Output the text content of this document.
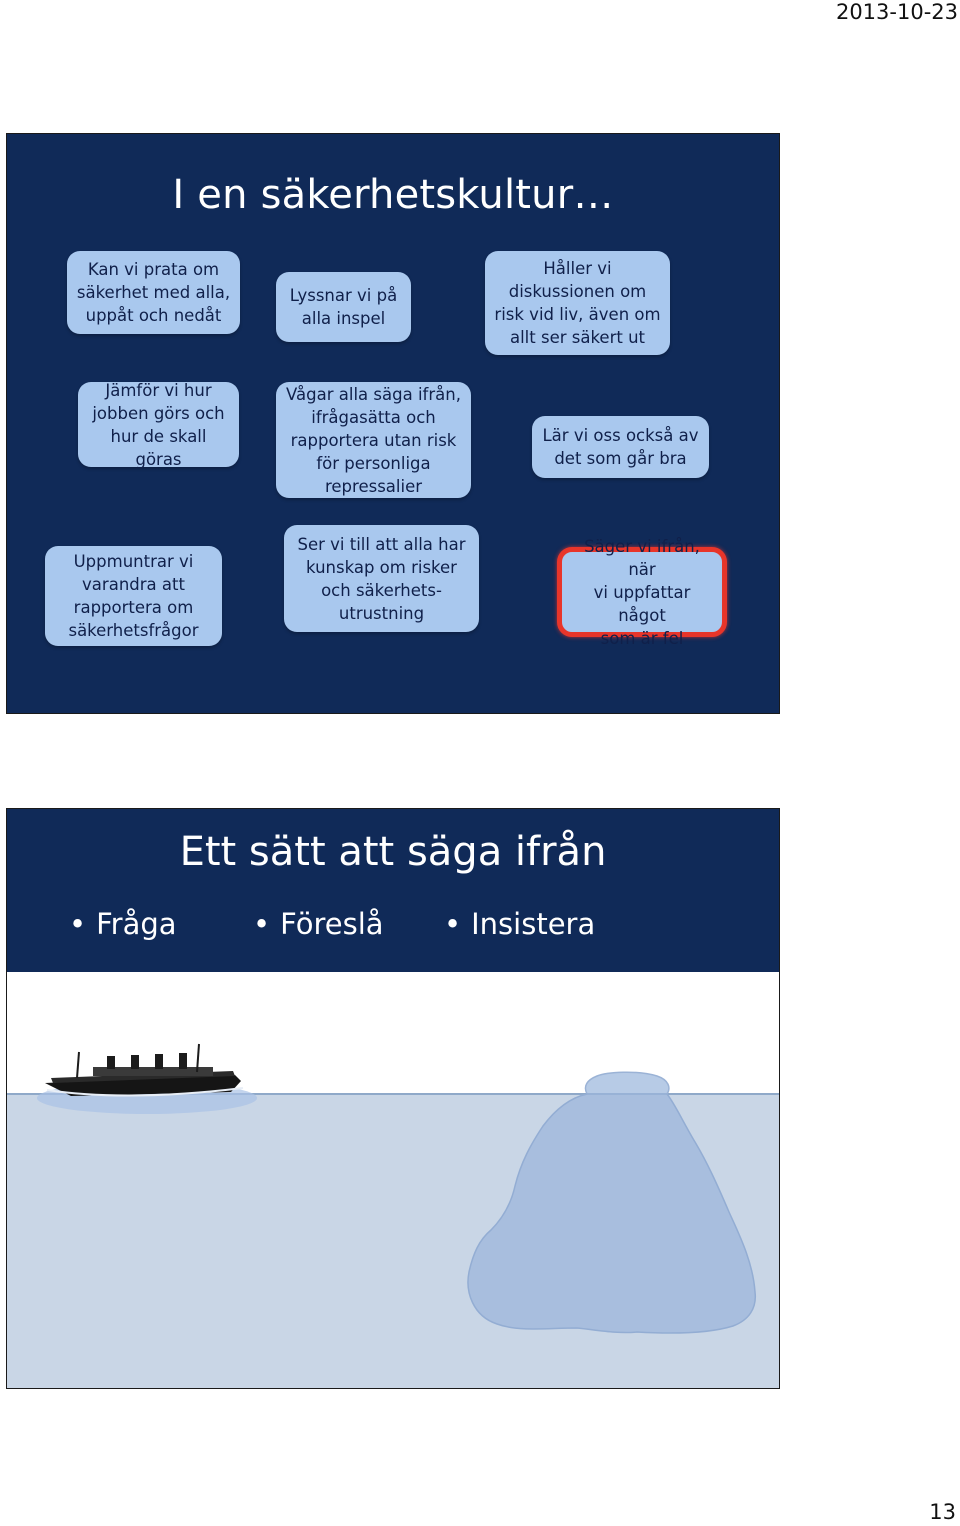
2013-10-23
I en säkerhetskultur…
Kan vi prata om
säkerhet med alla,
uppåt och nedåt
Lyssnar vi på
alla inspel
Håller vi
diskussionen om
risk vid liv, även om
allt ser säkert ut
Jämför vi hur
jobben görs och
hur de skall göras
Vågar alla säga ifrån,
ifrågasätta och
rapportera utan risk
för personliga
repressalier
Lär vi oss också av
det som går bra
Uppmuntrar vi
varandra att
rapportera om
säkerhetsfrågor
Ser vi till att alla har
kunskap om risker
och säkerhets-
utrustning
Säger vi ifrån, när
vi uppfattar något
som är fel
Ett sätt att säga ifrån
• Fråga	• Föreslå • Insistera
13
